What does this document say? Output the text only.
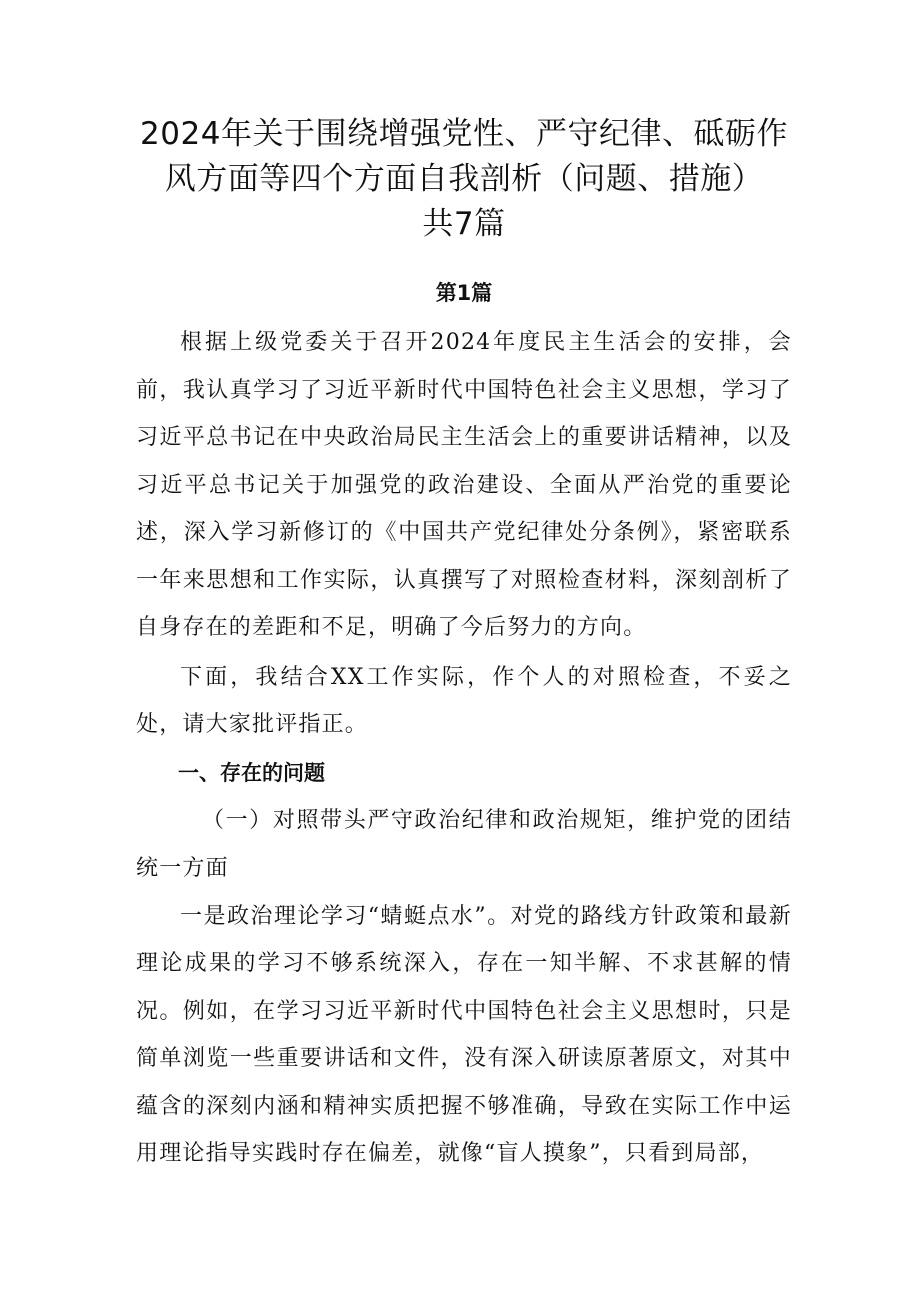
2024年关于围绕增强党性、严守纪律、砥砺作
风方面等四个方面自我剖析（问题、措施）
共7篇
第1篇

根据上级党委关于召开2024年度民主生活会的安排，会前，我认真学习了习近平新时代中国特色社会主义思想，学习了习近平总书记在中央政治局民主生活会上的重要讲话精神，以及习近平总书记关于加强党的政治建设、全面从严治党的重要论述，深入学习新修订的《中国共产党纪律处分条例》，紧密联系一年来思想和工作实际，认真撰写了对照检查材料，深刻剖析了自身存在的差距和不足，明确了今后努力的方向。

下面，我结合XX工作实际，作个人的对照检查，不妥之处，请大家批评指正。

一、存在的问题

（一）对照带头严守政治纪律和政治规矩，维护党的团结统一方面

一是政治理论学习“蜻蜓点水”。对党的路线方针政策和最新理论成果的学习不够系统深入，存在一知半解、不求甚解的情况。例如，在学习习近平新时代中国特色社会主义思想时，只是简单浏览一些重要讲话和文件，没有深入研读原著原文，对其中蕴含的深刻内涵和精神实质把握不够准确，导致在实际工作中运用理论指导实践时存在偏差，就像“盲人摸象”，只看到局部，
